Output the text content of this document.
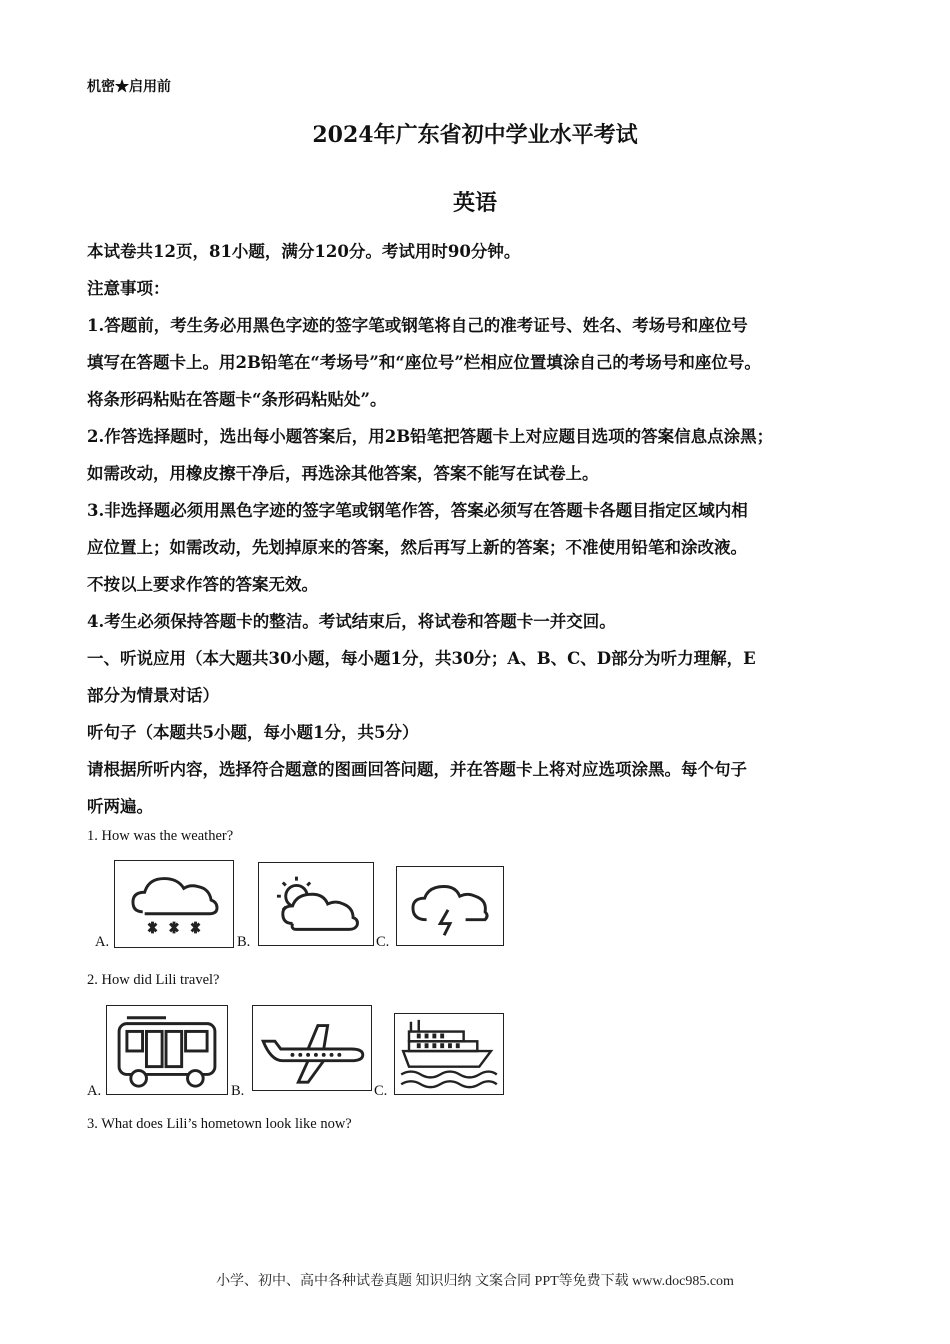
机密★启用前
2024年广东省初中学业水平考试
英语

本试卷共12页，81小题，满分120分。考试用时90分钟。

注意事项：

1.答题前，考生务必用黑色字迹的签字笔或钢笔将自己的准考证号、姓名、考场号和座位号

填写在答题卡上。用2B铅笔在“考场号”和“座位号”栏相应位置填涂自己的考场号和座位号。

将条形码粘贴在答题卡“条形码粘贴处”。

2.作答选择题时，选出每小题答案后，用2B铅笔把答题卡上对应题目选项的答案信息点涂黑；

如需改动，用橡皮擦干净后，再选涂其他答案，答案不能写在试卷上。

3.非选择题必须用黑色字迹的签字笔或钢笔作答，答案必须写在答题卡各题目指定区域内相

应位置上；如需改动，先划掉原来的答案，然后再写上新的答案；不准使用铅笔和涂改液。

不按以上要求作答的答案无效。

4.考生必须保持答题卡的整洁。考试结束后，将试卷和答题卡一并交回。

一、听说应用（本大题共30小题，每小题1分，共30分；A、B、C、D部分为听力理解，E

部分为情景对话）

听句子（本题共5小题，每小题1分，共5分）

请根据所听内容，选择符合题意的图画回答问题，并在答题卡上将对应选项涂黑。每个句子

听两遍。

1. How was the weather?
A.	B.	C.
2. How did Lili travel?
A.	B.	C.
3. What does Lili’s hometown look like now?
小学、初中、高中各种试卷真题 知识归纳 文案合同 PPT等免费下载 www.doc985.com
